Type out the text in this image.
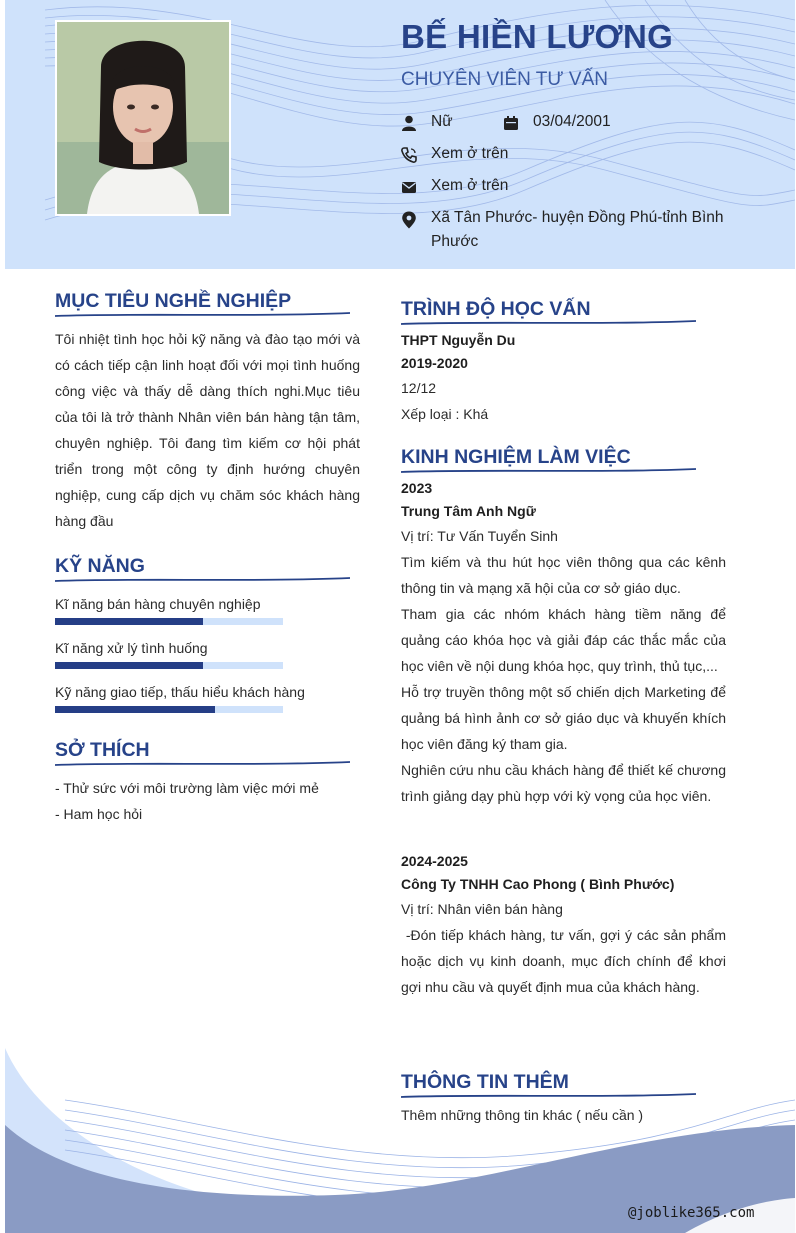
BẾ HIỀN LƯƠNG
CHUYÊN VIÊN TƯ VẤN
Nữ	03/04/2001
Xem ở trên
Xem ở trên
Xã Tân Phước- huyện Đồng Phú-tỉnh Bình Phước
MỤC TIÊU NGHỀ NGHIỆP
Tôi nhiệt tình học hỏi kỹ năng và đào tạo mới và có cách tiếp cận linh hoạt đối với mọi tình huống công việc và thấy dễ dàng thích nghi.Mục tiêu của tôi là trở thành Nhân viên bán hàng tận tâm, chuyên nghiệp. Tôi đang tìm kiếm cơ hội phát triển trong một công ty định hướng chuyên nghiệp, cung cấp dịch vụ chăm sóc khách hàng hàng đầu
KỸ NĂNG
Kĩ năng bán hàng chuyên nghiệp
Kĩ năng xử lý tình huống
Kỹ năng giao tiếp, thấu hiểu khách hàng
SỞ THÍCH
- Thử sức với môi trường làm việc mới mẻ
- Ham học hỏi
TRÌNH ĐỘ HỌC VẤN
THPT Nguyễn Du
2019-2020
12/12
Xếp loại : Khá
KINH NGHIỆM LÀM VIỆC
2023
Trung Tâm Anh Ngữ
Vị trí: Tư Vấn Tuyển Sinh
Tìm kiếm và thu hút học viên thông qua các kênh thông tin và mạng xã hội của cơ sở giáo dục.
Tham gia các nhóm khách hàng tiềm năng để quảng cáo khóa học và giải đáp các thắc mắc của học viên về nội dung khóa học, quy trình, thủ tục,...
Hỗ trợ truyền thông một số chiến dịch Marketing để quảng bá hình ảnh cơ sở giáo dục và khuyến khích học viên đăng ký tham gia.
Nghiên cứu nhu cầu khách hàng để thiết kế chương trình giảng dạy phù hợp với kỳ vọng của học viên.
2024-2025
Công Ty TNHH Cao Phong ( Bình Phước)
Vị trí: Nhân viên bán hàng
-Đón tiếp khách hàng, tư vấn, gợi ý các sản phẩm hoặc dịch vụ kinh doanh, mục đích chính để khơi gợi nhu cầu và quyết định mua của khách hàng.
THÔNG TIN THÊM
Thêm những thông tin khác ( nếu cần )
@joblike365.com
